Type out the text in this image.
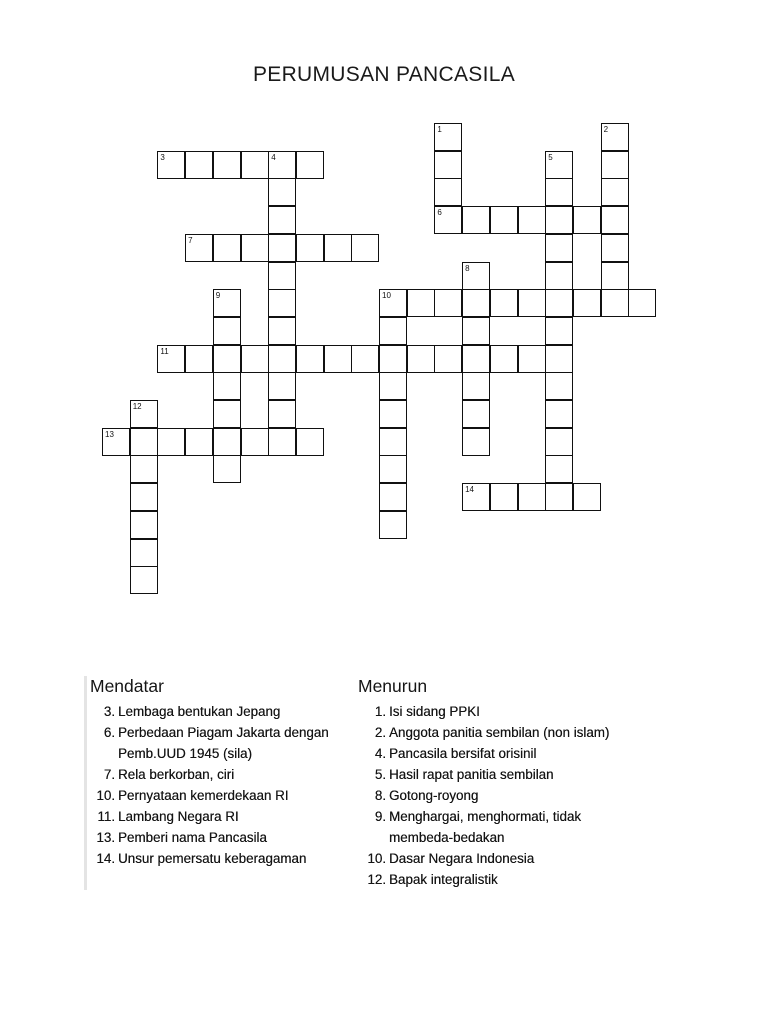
PERUMUSAN PANCASILA
1	2
3	4	5
6
7
8
9	10
11
12
13
14
Mendatar
3. Lembaga bentukan Jepang
6. Perbedaan Piagam Jakarta dengan
Pemb.UUD 1945 (sila)
7. Rela berkorban, ciri
10. Pernyataan kemerdekaan RI
11. Lambang Negara RI
13. Pemberi nama Pancasila
14. Unsur pemersatu keberagaman
Menurun
1. Isi sidang PPKI
2. Anggota panitia sembilan (non islam)
4. Pancasila bersifat orisinil
5. Hasil rapat panitia sembilan
8. Gotong-royong
9. Menghargai, menghormati, tidak
membeda-bedakan
10. Dasar Negara Indonesia
12. Bapak integralistik
